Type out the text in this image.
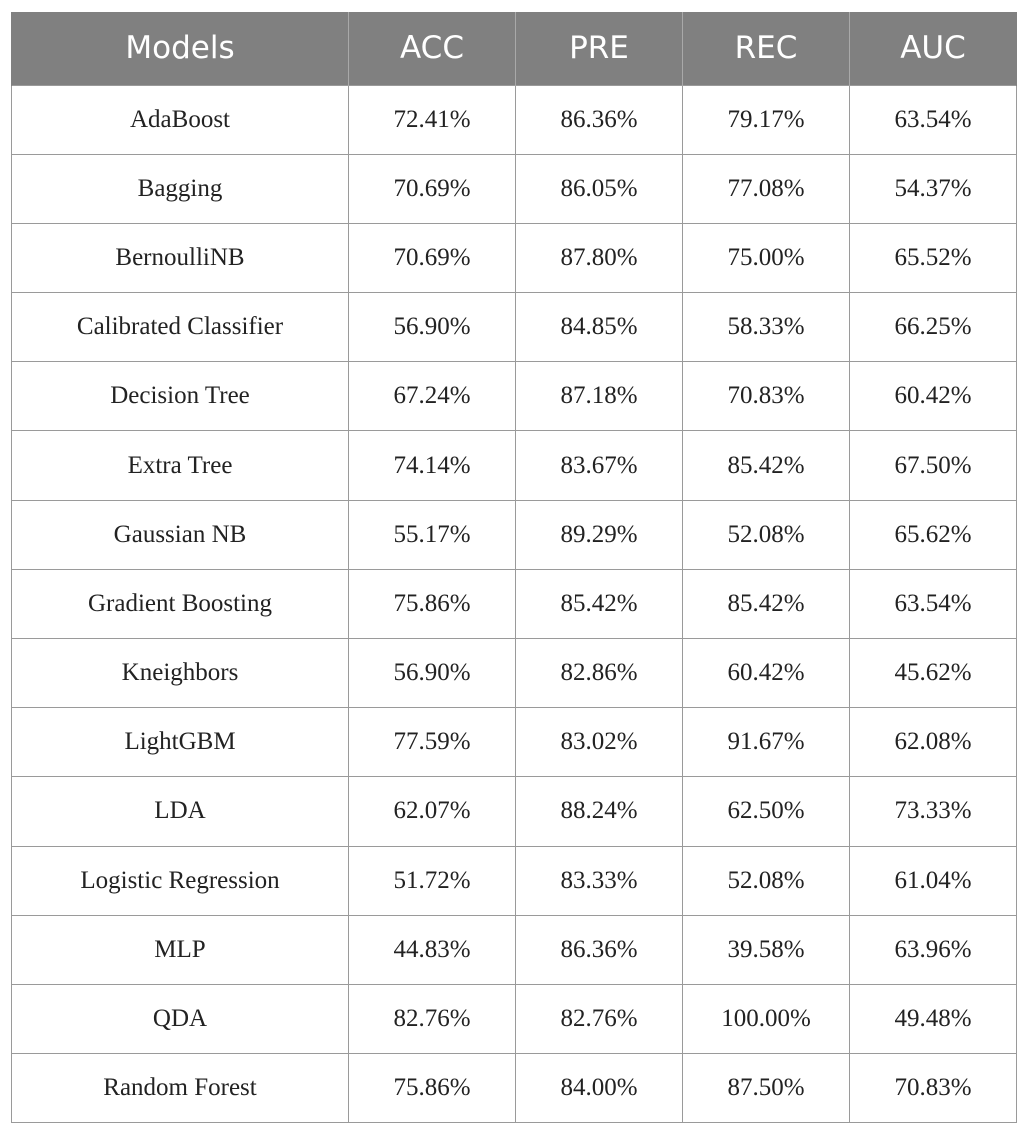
Models	ACC	PRE	REC	AUC
AdaBoost	72.41%	86.36%	79.17%	63.54%
Bagging	70.69%	86.05%	77.08%	54.37%
BernoulliNB	70.69%	87.80%	75.00%	65.52%
Calibrated Classifier	56.90%	84.85%	58.33%	66.25%
Decision Tree	67.24%	87.18%	70.83%	60.42%
Extra Tree	74.14%	83.67%	85.42%	67.50%
Gaussian NB	55.17%	89.29%	52.08%	65.62%
Gradient Boosting	75.86%	85.42%	85.42%	63.54%
Kneighbors	56.90%	82.86%	60.42%	45.62%
LightGBM	77.59%	83.02%	91.67%	62.08%
LDA	62.07%	88.24%	62.50%	73.33%
Logistic Regression	51.72%	83.33%	52.08%	61.04%
MLP	44.83%	86.36%	39.58%	63.96%
QDA	82.76%	82.76%	100.00%	49.48%
Random Forest	75.86%	84.00%	87.50%	70.83%
